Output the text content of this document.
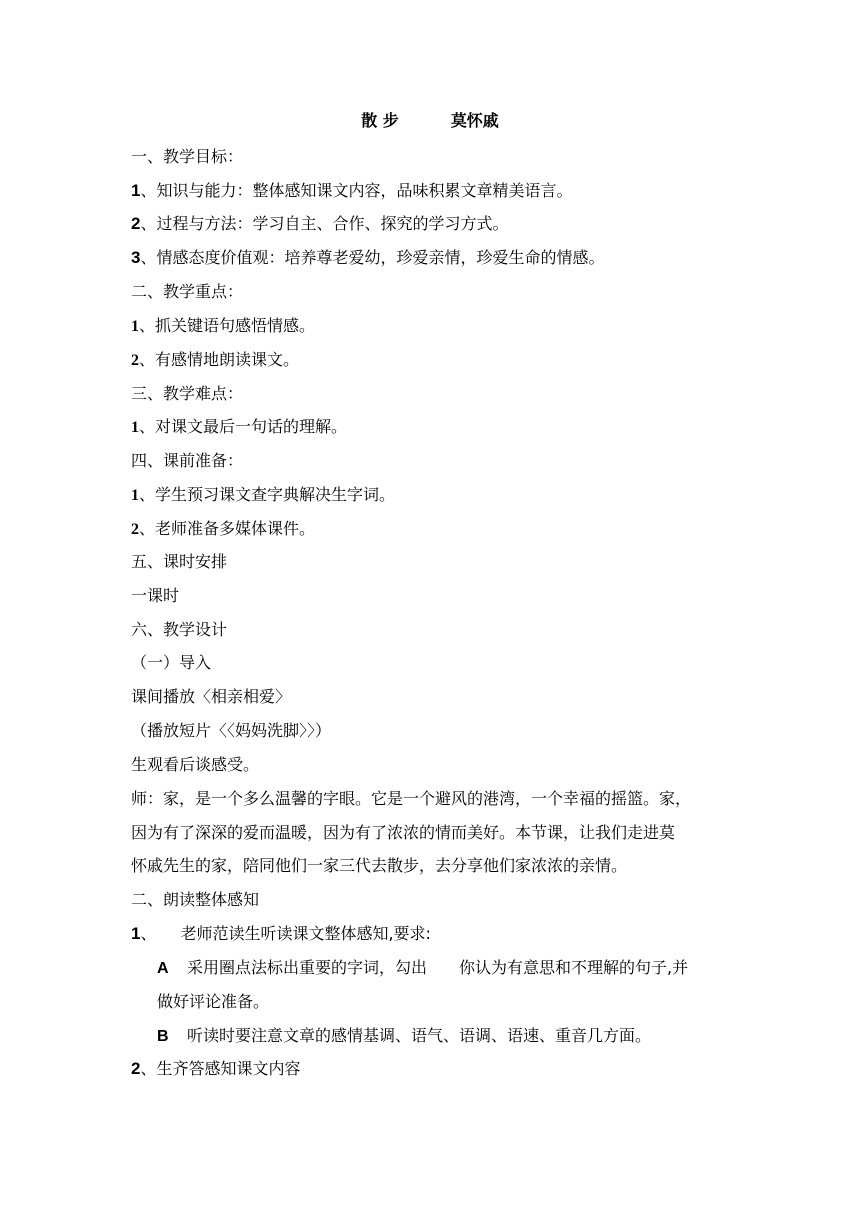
散 步	莫怀戚
一、教学目标：
1、知识与能力：整体感知课文内容，品味积累文章精美语言。
2、过程与方法：学习自主、合作、探究的学习方式。
3、情感态度价值观：培养尊老爱幼，珍爱亲情，珍爱生命的情感。
二、教学重点：
1、抓关键语句感悟情感。
2、有感情地朗读课文。
三、教学难点：
1、对课文最后一句话的理解。
四、课前准备：
1、学生预习课文查字典解决生字词。
2、老师准备多媒体课件。
五、课时安排
一课时
六、教学设计
（一）导入
课间播放〈相亲相爱〉
（播放短片〈〈妈妈洗脚〉〉）
生观看后谈感受。
师：家，是一个多么温馨的字眼。它是一个避风的港湾，一个幸福的摇篮。家，
因为有了深深的爱而温暖，因为有了浓浓的情而美好。本节课，让我们走进莫
怀戚先生的家，陪同他们一家三代去散步，去分享他们家浓浓的亲情。
二、朗读整体感知
1、　　老师范读生听读课文整体感知,要求:
A 采用圈点法标出重要的字词，勾出　　你认为有意思和不理解的句子,并
做好评论准备。
B 听读时要注意文章的感情基调、语气、语调、语速、重音几方面。
2、生齐答感知课文内容
